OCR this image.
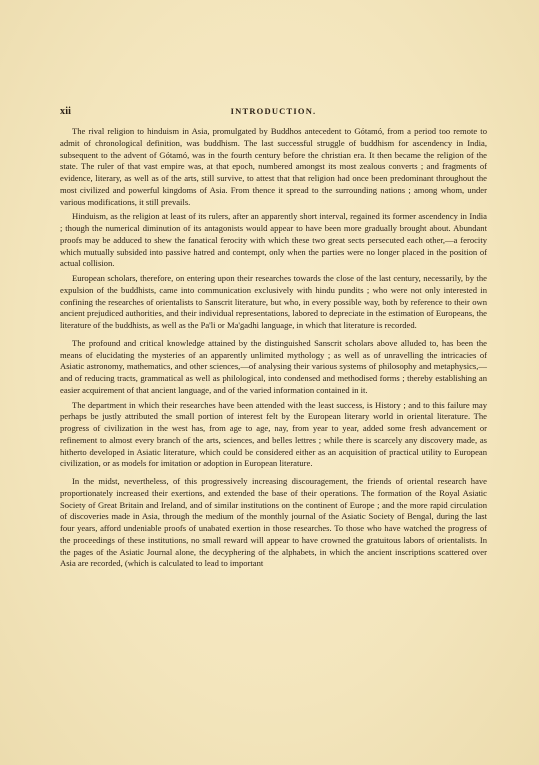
xii	INTRODUCTION.

The rival religion to hinduism in Asia, promulgated by Buddhos antecedent to Gótamó, from a period too remote to admit of chronological definition, was buddhism. The last successful struggle of buddhism for ascendency in India, subsequent to the advent of Gótamó, was in the fourth century before the christian era. It then became the religion of the state. The ruler of that vast empire was, at that epoch, numbered amongst its most zealous converts ; and fragments of evidence, literary, as well as of the arts, still survive, to attest that that religion had once been predominant throughout the most civilized and powerful kingdoms of Asia. From thence it spread to the surrounding nations ; among whom, under various modifications, it still prevails.

Hinduism, as the religion at least of its rulers, after an apparently short interval, regained its former ascendency in India ; though the numerical diminution of its antagonists would appear to have been more gradually brought about. Abundant proofs may be adduced to shew the fanatical ferocity with which these two great sects persecuted each other,—a ferocity which mutually subsided into passive hatred and contempt, only when the parties were no longer placed in the position of actual collision.

European scholars, therefore, on entering upon their researches towards the close of the last century, necessarily, by the expulsion of the buddhists, came into communication exclusively with hindu pundits ; who were not only interested in confining the researches of orientalists to Sanscrit literature, but who, in every possible way, both by reference to their own ancient prejudiced authorities, and their individual representations, labored to depreciate in the estimation of Europeans, the literature of the buddhists, as well as the Pa'li or Ma'gadhi language, in which that literature is recorded.

The profound and critical knowledge attained by the distinguished Sanscrit scholars above alluded to, has been the means of elucidating the mysteries of an apparently unlimited mythology ; as well as of unravelling the intricacies of Asiatic astronomy, mathematics, and other sciences,—of analysing their various systems of philosophy and metaphysics,—and of reducing tracts, grammatical as well as philological, into condensed and methodised forms ; thereby establishing an easier acquirement of that ancient language, and of the varied information contained in it.

The department in which their researches have been attended with the least success, is History ; and to this failure may perhaps be justly attributed the small portion of interest felt by the European literary world in oriental literature. The progress of civilization in the west has, from age to age, nay, from year to year, added some fresh advancement or refinement to almost every branch of the arts, sciences, and belles lettres ; while there is scarcely any discovery made, as hitherto developed in Asiatic literature, which could be considered either as an acquisition of practical utility to European civilization, or as models for imitation or adoption in European literature.

In the midst, nevertheless, of this progressively increasing discouragement, the friends of oriental research have proportionately increased their exertions, and extended the base of their operations. The formation of the Royal Asiatic Society of Great Britain and Ireland, and of similar institutions on the continent of Europe ; and the more rapid circulation of discoveries made in Asia, through the medium of the monthly journal of the Asiatic Society of Bengal, during the last four years, afford undeniable proofs of unabated exertion in those researches. To those who have watched the progress of the proceedings of these institutions, no small reward will appear to have crowned the gratuitous labors of orientalists. In the pages of the Asiatic Journal alone, the decyphering of the alphabets, in which the ancient inscriptions scattered over Asia are recorded, (which is calculated to lead to important
